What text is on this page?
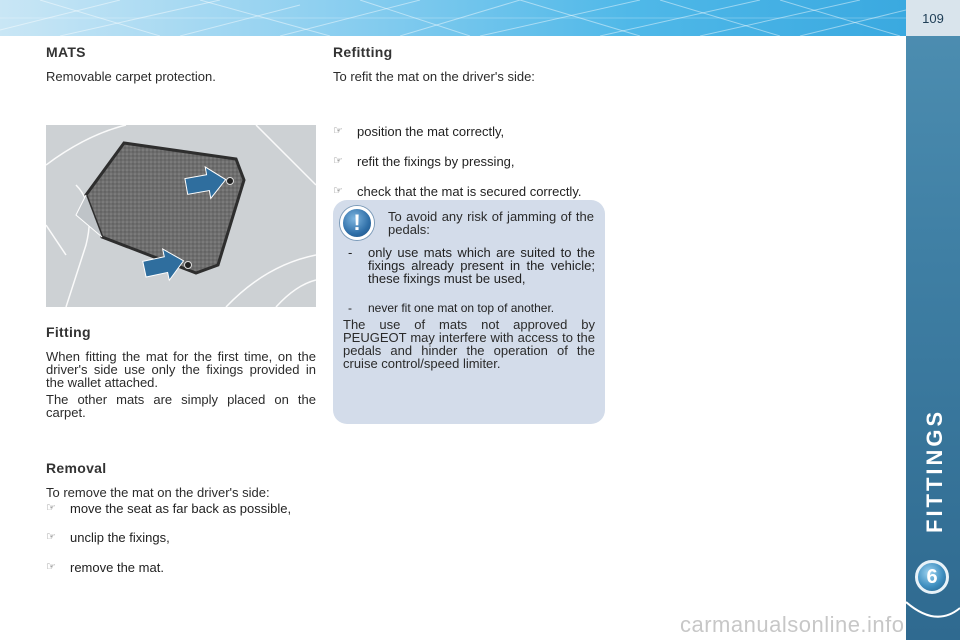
109
FITTINGS
6
MATS

Removable carpet protection.

Fitting

When fitting the mat for the first time, on the driver's side use only the fixings provided in the wallet attached.

The other mats are simply placed on the carpet.

Removal

To remove the mat on the driver's side:

☞ move the seat as far back as possible,
☞ unclip the fixings,
☞ remove the mat.
Refitting

To refit the mat on the driver's side:

☞ position the mat correctly,
☞ refit the fixings by pressing,
☞ check that the mat is secured correctly.
!	To avoid any risk of jamming of the pedals:

- only use mats which are suited to the fixings already present in the vehicle; these fixings must be used,
- never fit one mat on top of another.

The use of mats not approved by PEUGEOT may interfere with access to the pedals and hinder the operation of the cruise control/speed limiter.

carmanualsonline.info
